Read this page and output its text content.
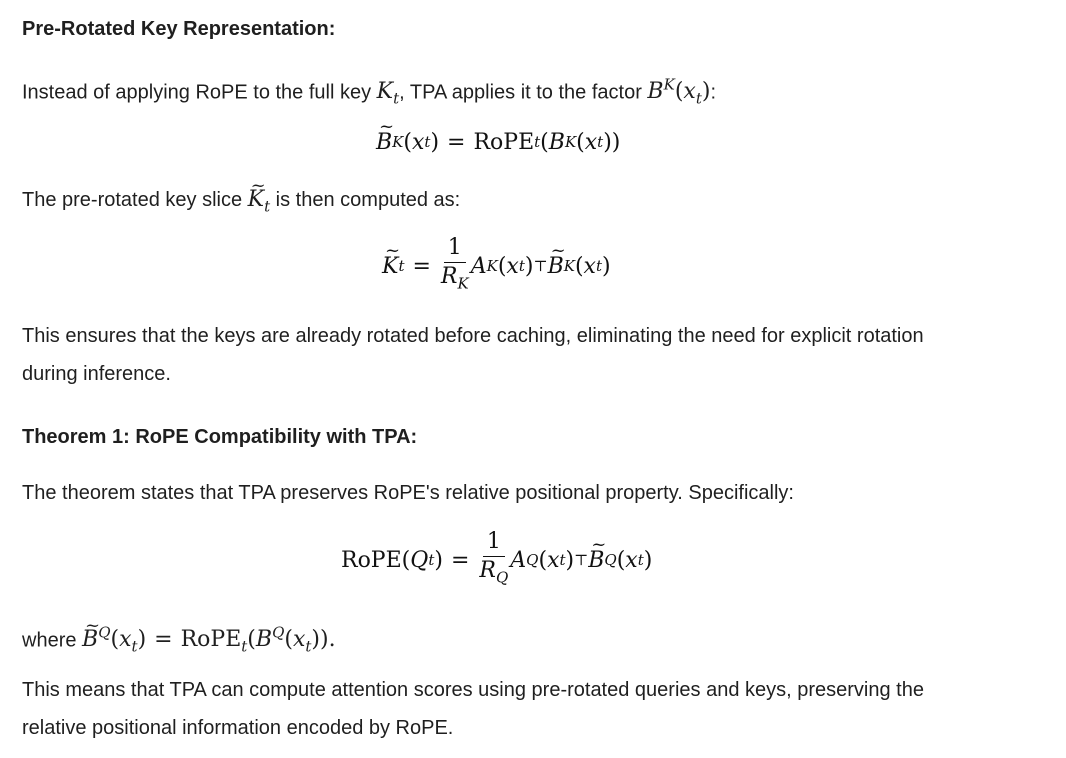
Pre-Rotated Key Representation:
Instead of applying RoPE to the full key $K_t$, TPA applies it to the factor $B^K(x_t)$:
~ B K ( x t ) = RoPE t ( B K ( x t ))
The pre-rotated key slice ~ $K_t$ is then computed as:
~ K $t = \frac{1}{R_K}$ A K ( x t ) ⊤ ~ B K ( x t )
This ensures that the keys are already rotated before caching, eliminating the need for explicit rotation
during inference.
Theorem 1: RoPE Compatibility with TPA:
The theorem states that TPA preserves RoPE's relative positional property. Specifically:
RoPE ( Q t ) = $\frac{1}{R_Q}$ A Q ( x t ) ⊤ ~ B Q ( x t )
where ~ $B^Q(x_t)$ = $RoPE_t(B^Q(x_t))$.
This means that TPA can compute attention scores using pre-rotated queries and keys, preserving the
relative positional information encoded by RoPE.
